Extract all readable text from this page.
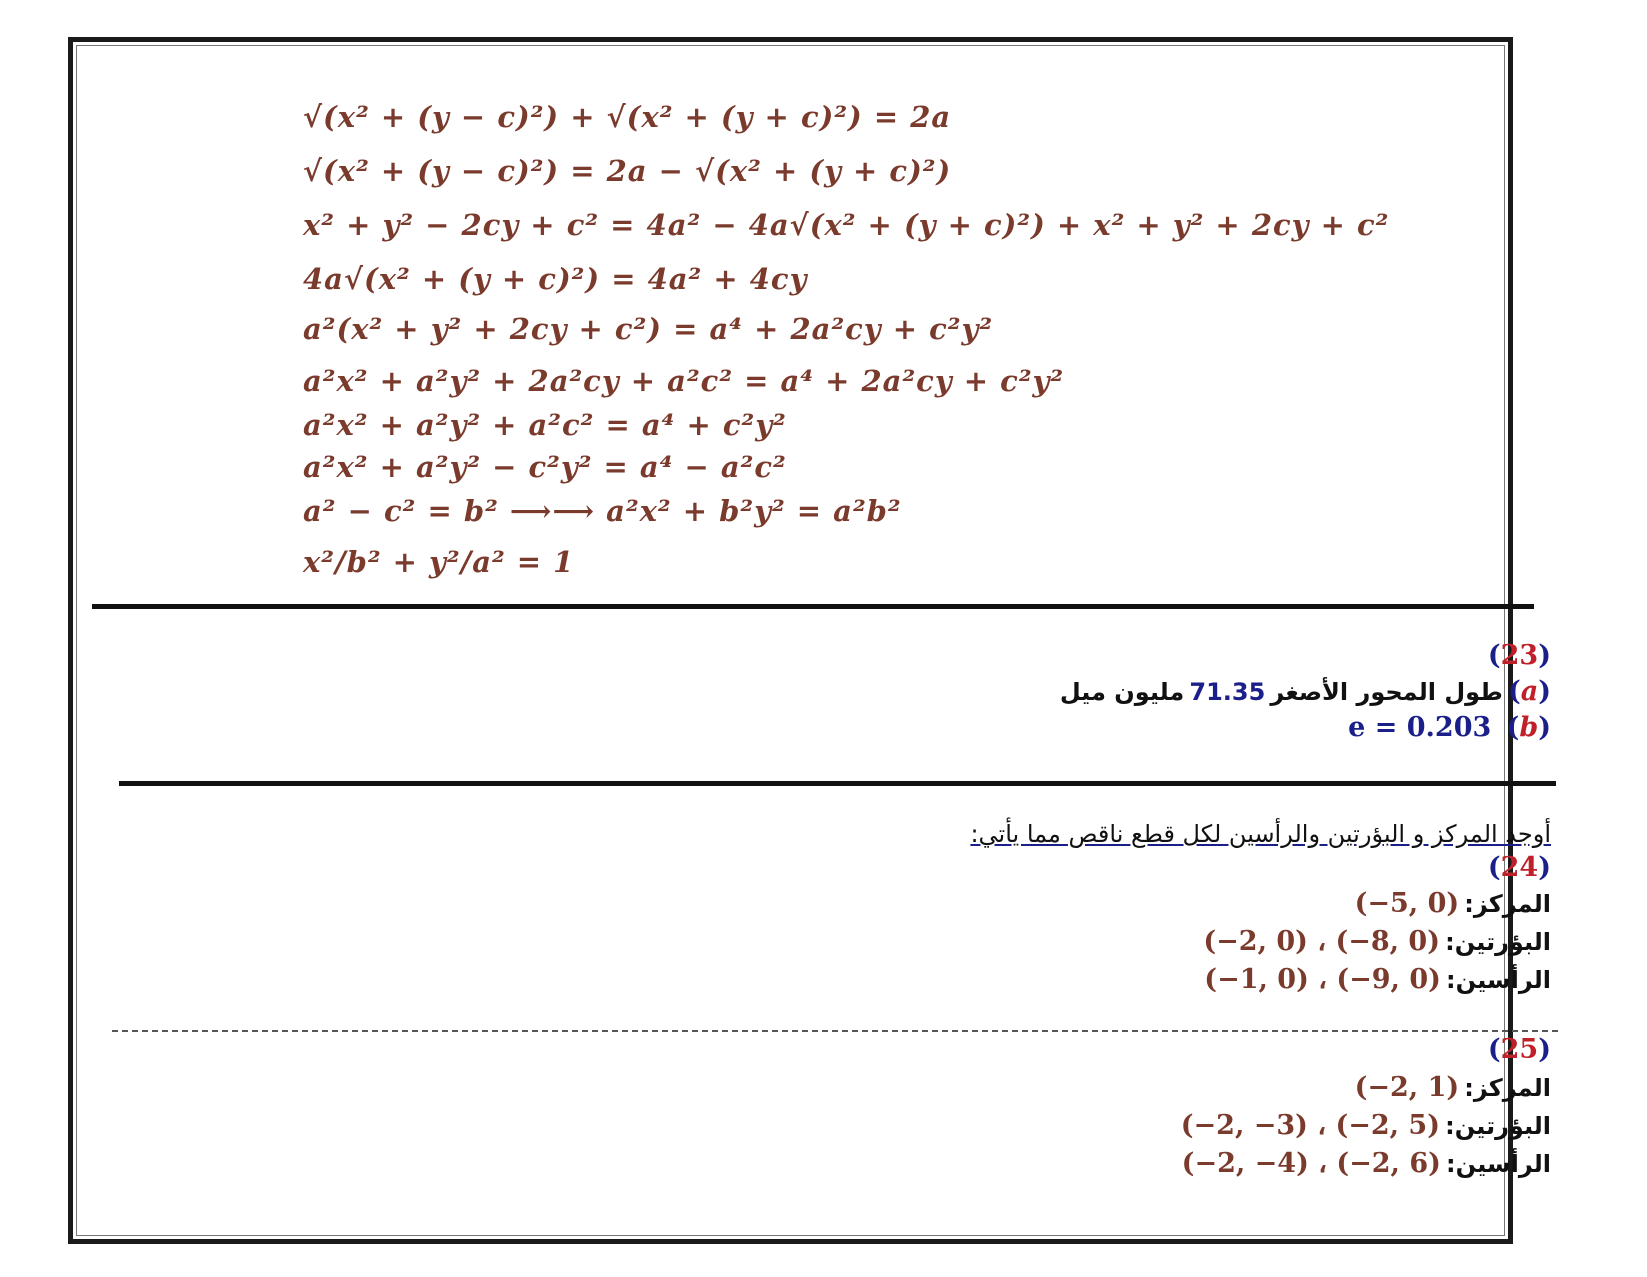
√(x² + (y − c)²) + √(x² + (y + c)²) = 2a
√(x² + (y − c)²) = 2a − √(x² + (y + c)²)
x² + y² − 2cy + c² = 4a² − 4a√(x² + (y + c)²) + x² + y² + 2cy + c²
4a√(x² + (y + c)²) = 4a² + 4cy
a²(x² + y² + 2cy + c²) = a⁴ + 2a²cy + c²y²
a²x² + a²y² + 2a²cy + a²c² = a⁴ + 2a²cy + c²y²
a²x² + a²y² + a²c² = a⁴ + c²y²
a²x² + a²y² − c²y² = a⁴ − a²c²
a² − c² = b² ⟶⟶ a²x² + b²y² = a²b²
x²/b² + y²/a² = 1
(23)
(a) طول المحور الأصغر 71.35 مليون ميل
(b)   e = 0.203
أوجد المركز و البؤرتين والرأسين لكل قطع ناقص مما يأتي:
(24)
المركز: (−5, 0)
البؤرتين: (−2, 0) ، (−8, 0)
الرأسين: (−1, 0) ، (−9, 0)
(25)
المركز: (−2, 1)
البؤرتين: (−2, −3) ، (−2, 5)
الرأسين: (−2, −4) ، (−2, 6)
